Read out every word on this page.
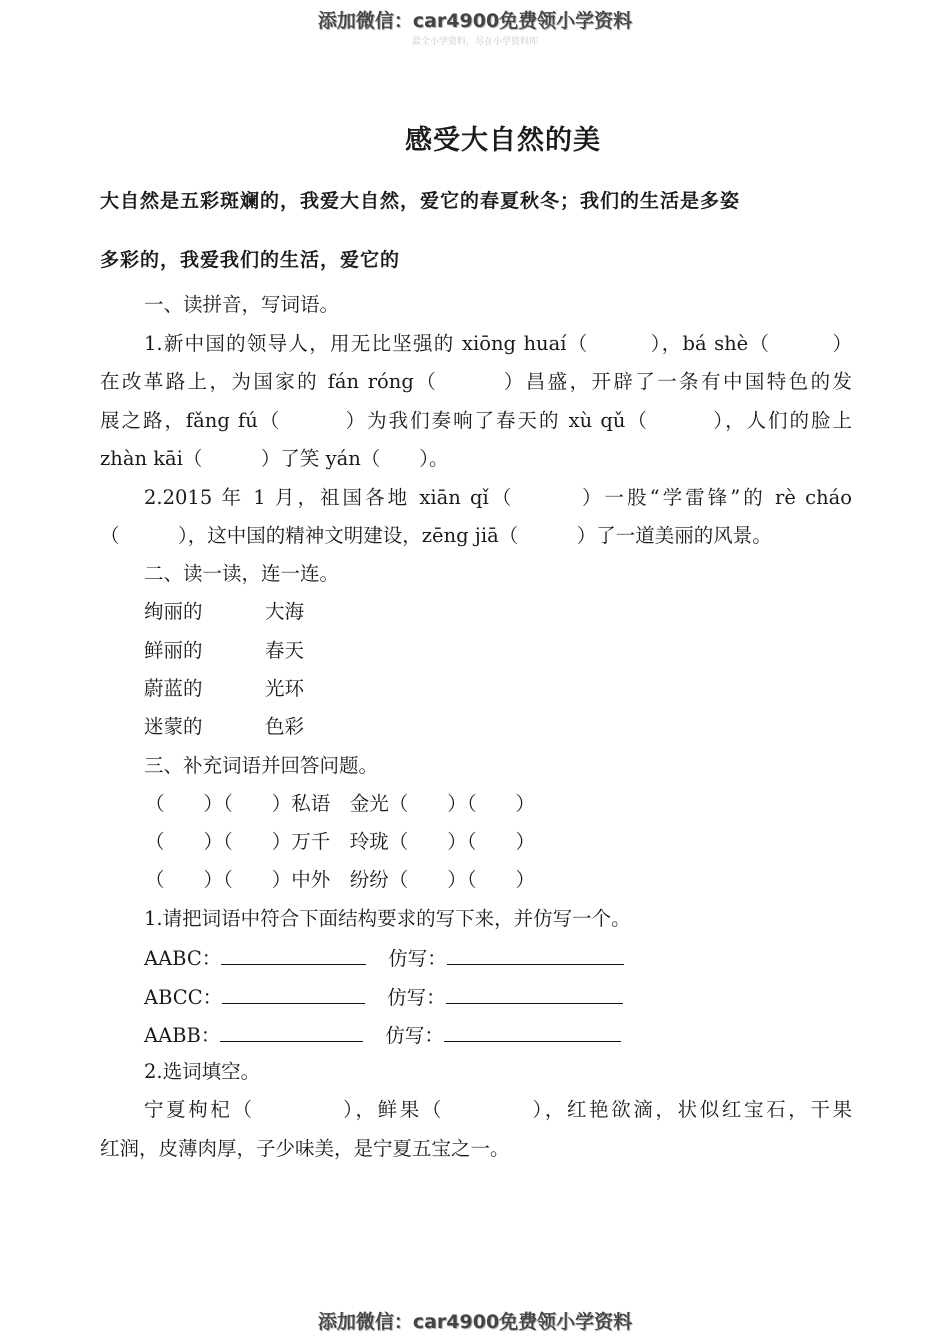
添加微信：car4900免费领小学资料
最全小学资料，尽在小学资料库
感受大自然的美
大自然是五彩斑斓的，我爱大自然，爱它的春夏秋冬；我们的生活是多姿
多彩的，我爱我们的生活，爱它的
一、读拼音，写词语。
1.新中国的领导人，用无比坚强的 xiōng huaí（　　　），bá shè（　　　）
在改革路上，为国家的 fán róng（　　　）昌盛，开辟了一条有中国特色的发
展之路，fǎng fú（　　　）为我们奏响了春天的 xù qǔ（　　　），人们的脸上
zhàn kāi（　　　）了笑 yán（　　）。
2.2015 年 1 月，祖国各地 xiān qǐ（　　　）一股“学雷锋”的 rè cháo
（　　　），这中国的精神文明建设，zēng jiā（　　　）了一道美丽的风景。
二、读一读，连一连。
绚丽的	大海
鲜丽的	春天
蔚蓝的	光环
迷蒙的	色彩
三、补充词语并回答问题。
（　　）（　　）私语　金光（　　）（　　）
（　　）（　　）万千　玲珑（　　）（　　）
（　　）（　　）中外　纷纷（　　）（　　）
1.请把词语中符合下面结构要求的写下来，并仿写一个。
AABC：	仿写：
ABCC：	仿写：
AABB：	仿写：
2.选词填空。
宁夏枸杞（　　　　），鲜果（　　　　），红艳欲滴，状似红宝石，干果
红润，皮薄肉厚，子少味美，是宁夏五宝之一。
添加微信：car4900免费领小学资料
